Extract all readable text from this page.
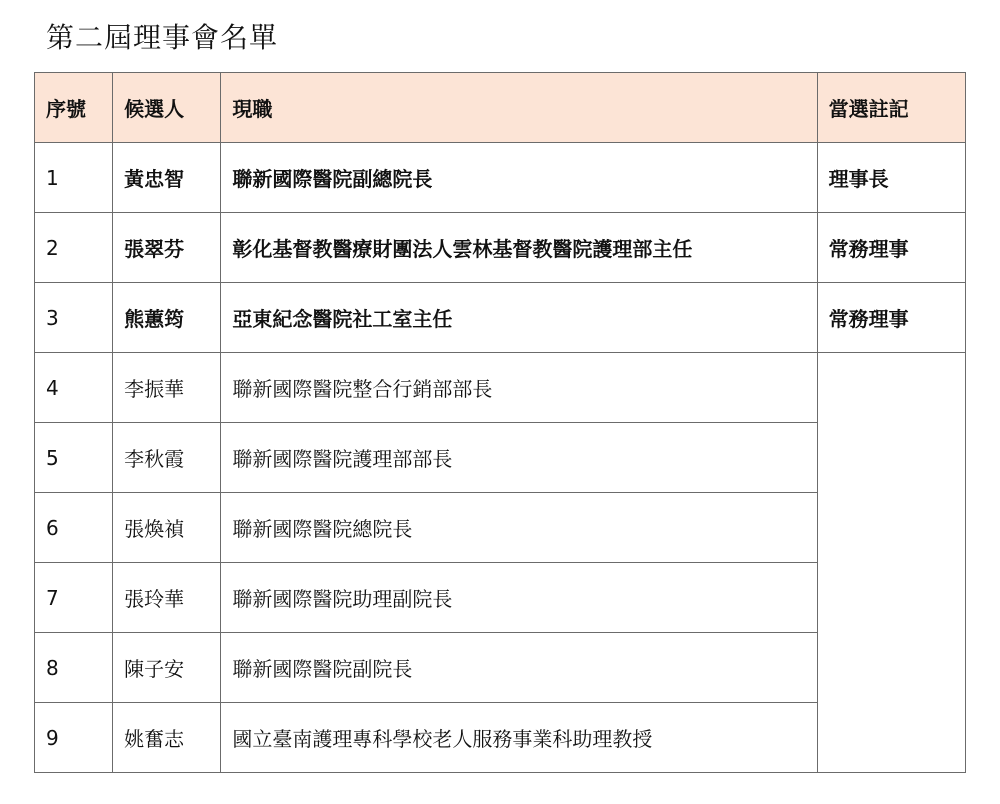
第二屆理事會名單
序號	候選人	現職	當選註記
1	黃忠智	聯新國際醫院副總院長	理事長
2	張翠芬	彰化基督教醫療財團法人雲林基督教醫院護理部主任	常務理事
3	熊蕙筠	亞東紀念醫院社工室主任	常務理事
4	李振華	聯新國際醫院整合行銷部部長	
5	李秋霞	聯新國際醫院護理部部長	
6	張煥禎	聯新國際醫院總院長	
7	張玲華	聯新國際醫院助理副院長	
8	陳子安	聯新國際醫院副院長	
9	姚奮志	國立臺南護理專科學校老人服務事業科助理教授	
